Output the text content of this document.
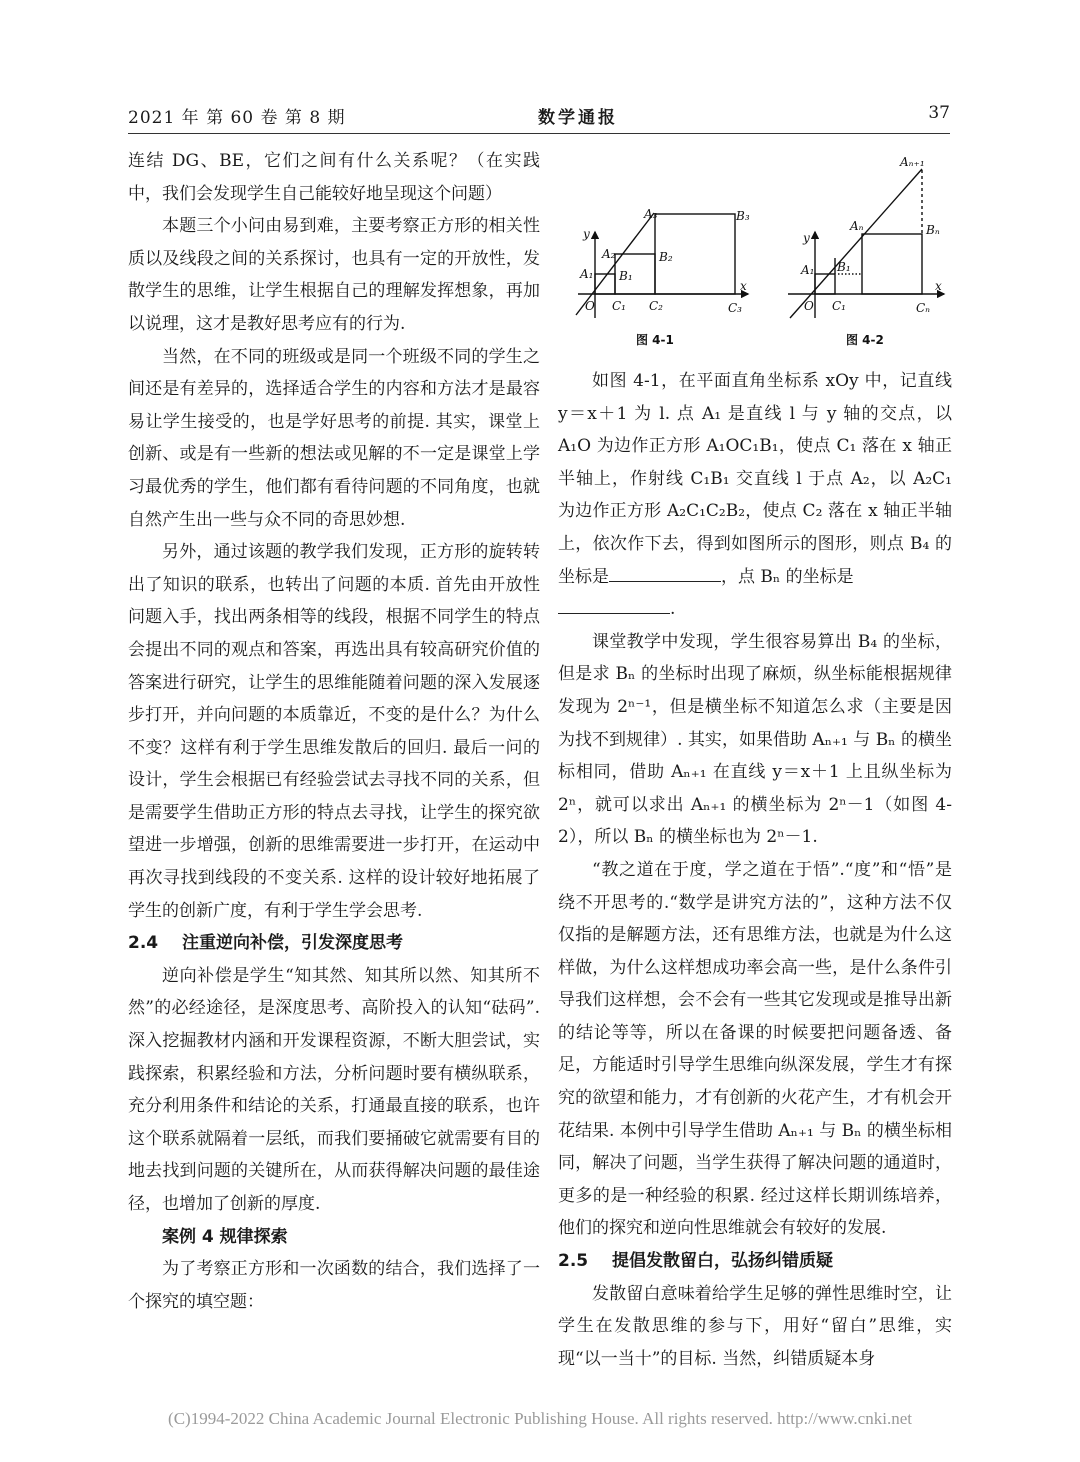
2021 年 第 60 卷 第 8 期	数学通报	37

连结 DG、BE，它们之间有什么关系呢？（在实践中，我们会发现学生自己能较好地呈现这个问题）

本题三个小问由易到难，主要考察正方形的相关性质以及线段之间的关系探讨，也具有一定的开放性，发散学生的思维，让学生根据自己的理解发挥想象，再加以说理，这才是教好思考应有的行为.

当然，在不同的班级或是同一个班级不同的学生之间还是有差异的，选择适合学生的内容和方法才是最容易让学生接受的，也是学好思考的前提. 其实，课堂上创新、或是有一些新的想法或见解的不一定是课堂上学习最优秀的学生，他们都有看待问题的不同角度，也就自然产生出一些与众不同的奇思妙想.

另外，通过该题的教学我们发现，正方形的旋转转出了知识的联系，也转出了问题的本质. 首先由开放性问题入手，找出两条相等的线段，根据不同学生的特点会提出不同的观点和答案，再选出具有较高研究价值的答案进行研究，让学生的思维能随着问题的深入发展逐步打开，并向问题的本质靠近，不变的是什么？为什么不变？这样有利于学生思维发散后的回归. 最后一问的设计，学生会根据已有经验尝试去寻找不同的关系，但是需要学生借助正方形的特点去寻找，让学生的探究欲望进一步增强，创新的思维需要进一步打开，在运动中再次寻找到线段的不变关系. 这样的设计较好地拓展了学生的创新广度，有利于学生学会思考.

2.4 注重逆向补偿，引发深度思考

逆向补偿是学生“知其然、知其所以然、知其所不然”的必经途径，是深度思考、高阶投入的认知“砝码”. 深入挖掘教材内涵和开发课程资源，不断大胆尝试，实践探索，积累经验和方法，分析问题时要有横纵联系，充分利用条件和结论的关系，打通最直接的联系，也许这个联系就隔着一层纸，而我们要捅破它就需要有目的地去找到问题的关键所在，从而获得解决问题的最佳途径，也增加了创新的厚度.

案例 4 规律探索

为了考察正方形和一次函数的结合，我们选择了一个探究的填空题：

y
x
O
A₁
A₂
A₃
B₁
B₂
B₃
C₁ C₂	C₃
图 4-1
y
x
O
A₁
Aₙ
Aₙ₊₁
B₁
Bₙ
C₁	Cₙ
图 4-2

如图 4-1，在平面直角坐标系 xOy 中，记直线 y＝x＋1 为 l. 点 A₁ 是直线 l 与 y 轴的交点，以 A₁O 为边作正方形 A₁OC₁B₁，使点 C₁ 落在 x 轴正半轴上，作射线 C₁B₁ 交直线 l 于点 A₂，以 A₂C₁ 为边作正方形 A₂C₁C₂B₂，使点 C₂ 落在 x 轴正半轴上，依次作下去，得到如图所示的图形，则点 B₄ 的坐标是	，点 Bₙ 的坐标是
.

课堂教学中发现，学生很容易算出 B₄ 的坐标，但是求 Bₙ 的坐标时出现了麻烦，纵坐标能根据规律发现为 2ⁿ⁻¹，但是横坐标不知道怎么求（主要是因为找不到规律）. 其实，如果借助 Aₙ₊₁ 与 Bₙ 的横坐标相同，借助 Aₙ₊₁ 在直线 y＝x＋1 上且纵坐标为 2ⁿ，就可以求出 Aₙ₊₁ 的横坐标为 2ⁿ－1（如图 4-2），所以 Bₙ 的横坐标也为 2ⁿ－1.

“教之道在于度，学之道在于悟”.“度”和“悟”是绕不开思考的.“数学是讲究方法的”，这种方法不仅仅指的是解题方法，还有思维方法，也就是为什么这样做，为什么这样想成功率会高一些，是什么条件引导我们这样想，会不会有一些其它发现或是推导出新的结论等等，所以在备课的时候要把问题备透、备足，方能适时引导学生思维向纵深发展，学生才有探究的欲望和能力，才有创新的火花产生，才有机会开花结果. 本例中引导学生借助 Aₙ₊₁ 与 Bₙ 的横坐标相同，解决了问题，当学生获得了解决问题的通道时，更多的是一种经验的积累. 经过这样长期训练培养，他们的探究和逆向性思维就会有较好的发展.

2.5 提倡发散留白，弘扬纠错质疑

发散留白意味着给学生足够的弹性思维时空，让学生在发散思维的参与下，用好“留白”思维，实现“以一当十”的目标. 当然，纠错质疑本身

(C)1994-2022 China Academic Journal Electronic Publishing House. All rights reserved. http://www.cnki.net
